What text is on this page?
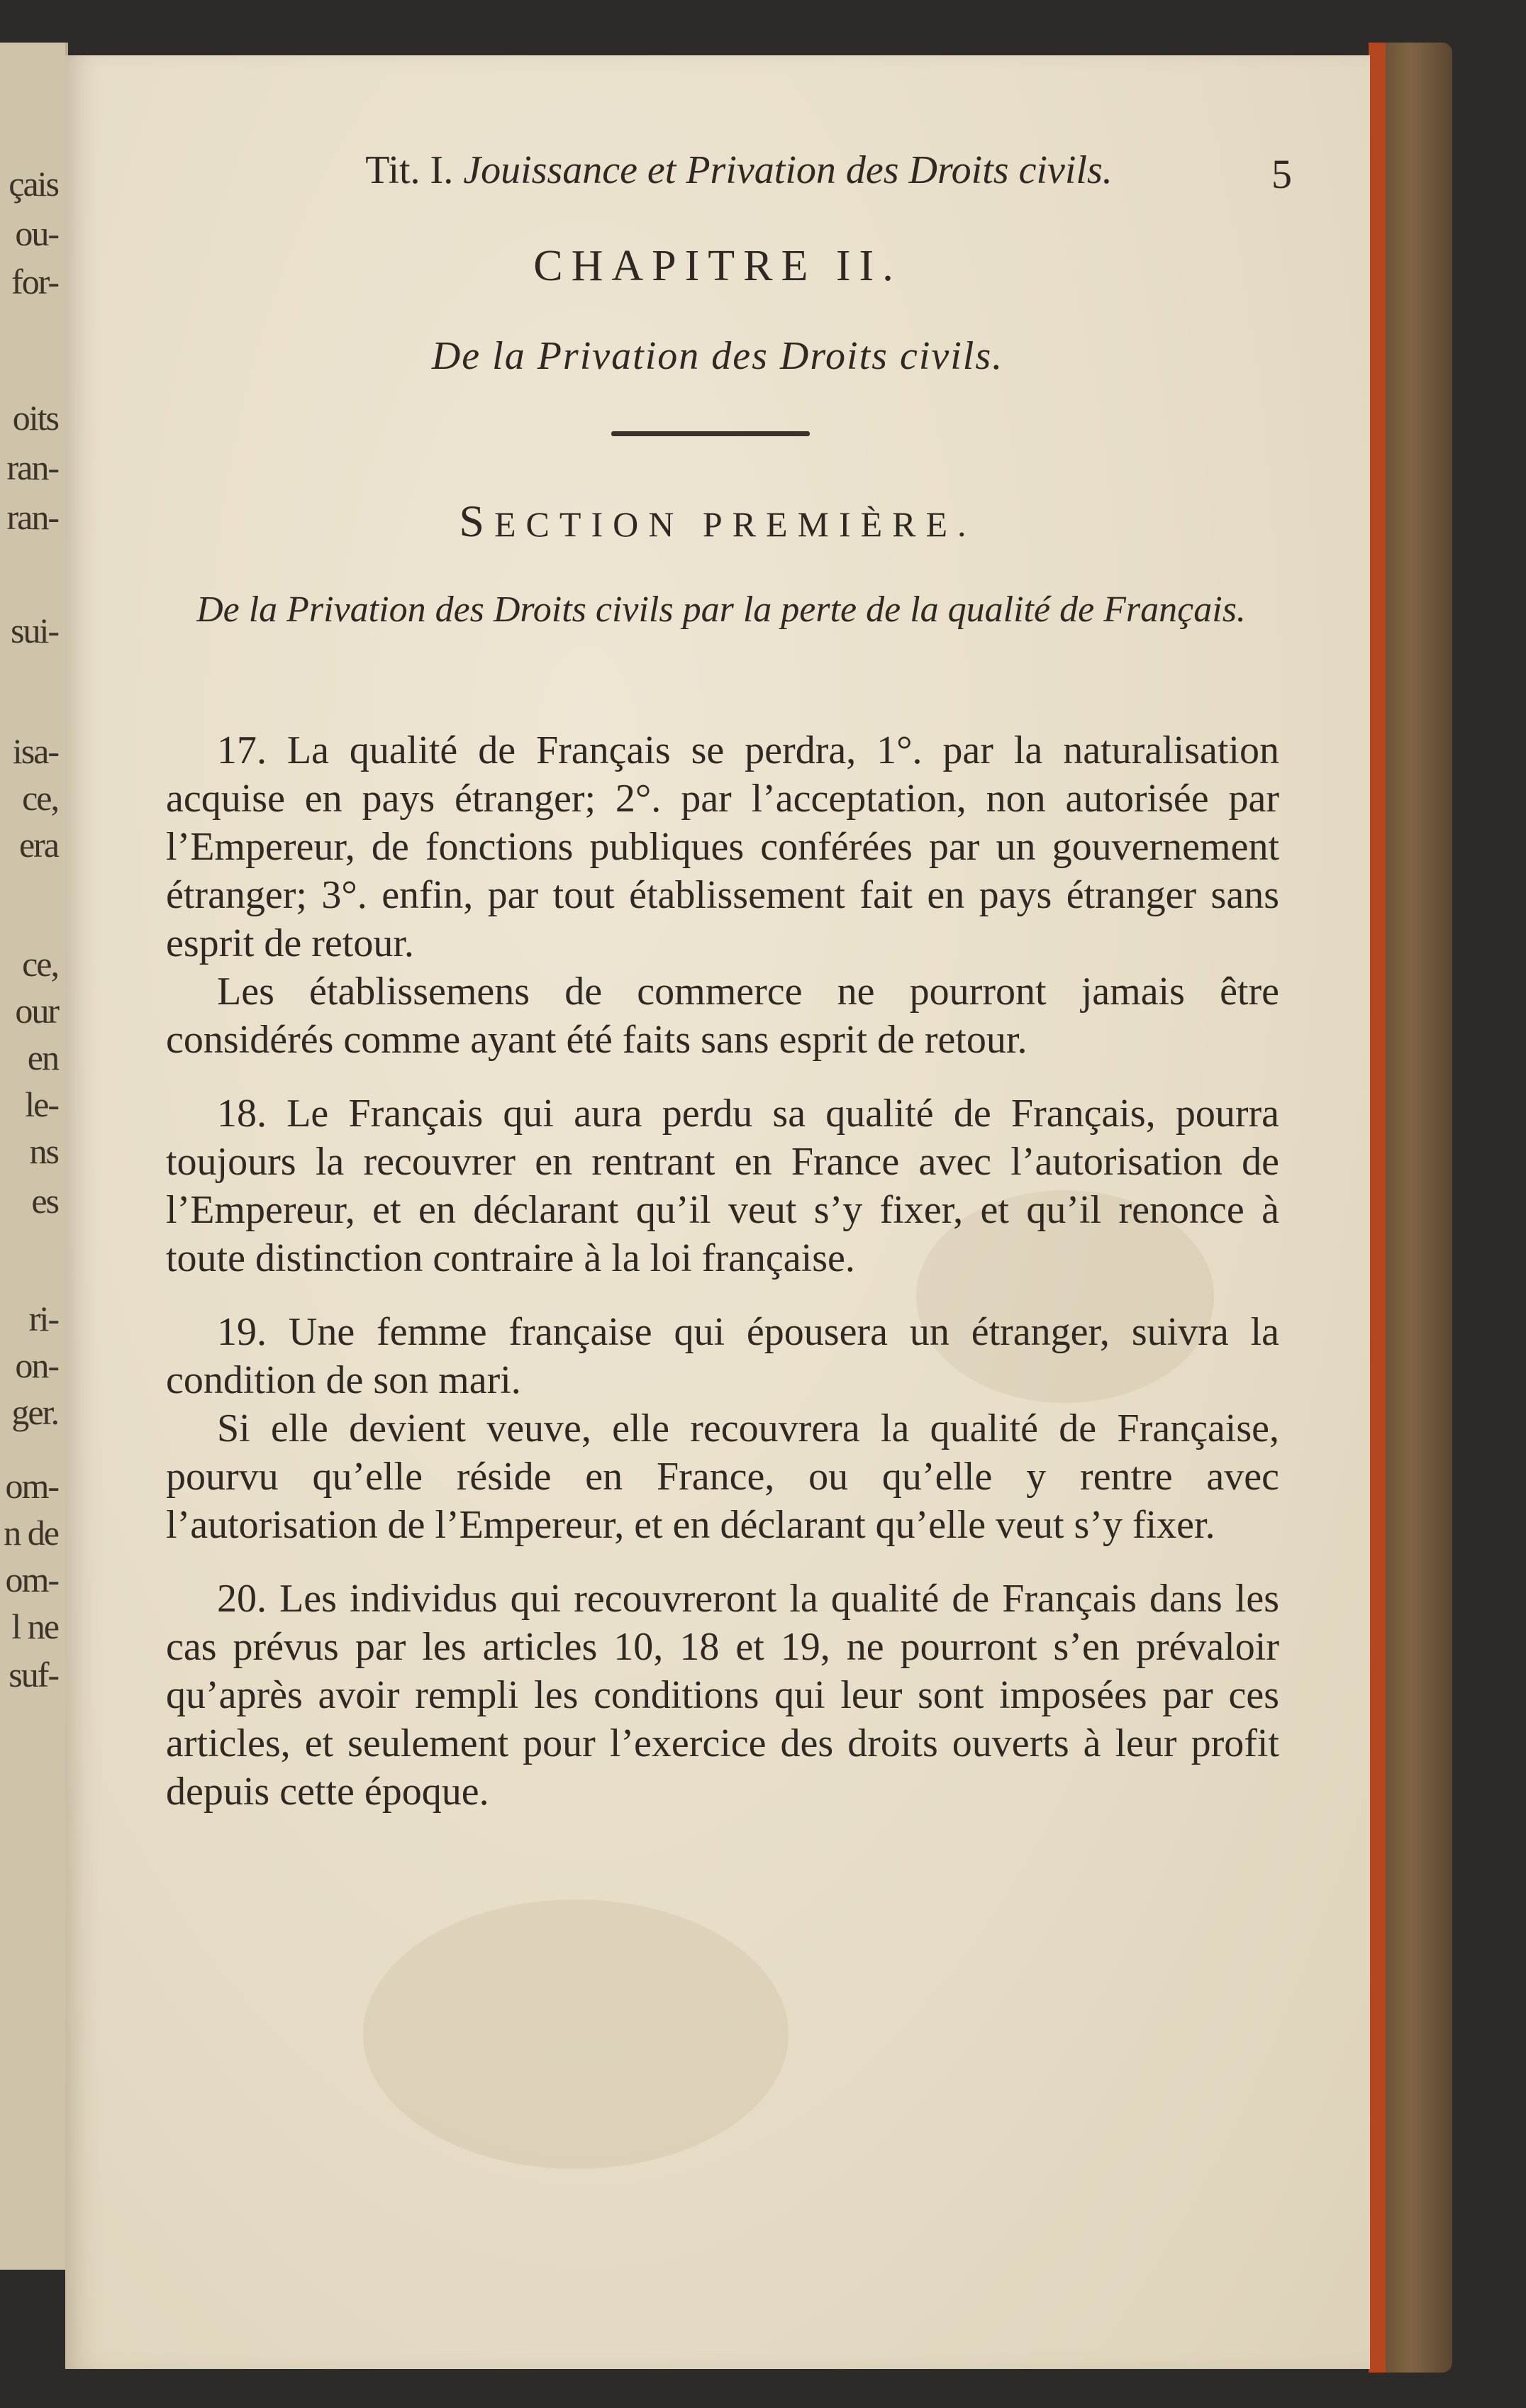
çais
ou-
for-
oits
ran-
ran-
sui-
isa-
ce,
era
ce,
our
en
le-
ns
es
ri-
on-
ger.
om-
n de
om-
l ne
suf-
Tit. I. Jouissance et Privation des Droits civils.	5
CHAPITRE II.
De la Privation des Droits civils.
SECTION PREMIÈRE.
De la Privation des Droits civils par la perte de la qualité de Français.

17. La qualité de Français se perdra, 1°. par la naturalisation acquise en pays étranger; 2°. par l’acceptation, non autorisée par l’Empereur, de fonctions publiques conférées par un gouvernement étranger; 3°. enfin, par tout établissement fait en pays étranger sans esprit de retour.

Les établissemens de commerce ne pourront jamais être considérés comme ayant été faits sans esprit de retour.

18. Le Français qui aura perdu sa qualité de Français, pourra toujours la recouvrer en rentrant en France avec l’autorisation de l’Empereur, et en déclarant qu’il veut s’y fixer, et qu’il renonce à toute distinction contraire à la loi française.

19. Une femme française qui épousera un étranger, suivra la condition de son mari.

Si elle devient veuve, elle recouvrera la qualité de Française, pourvu qu’elle réside en France, ou qu’elle y rentre avec l’autorisation de l’Empereur, et en déclarant qu’elle veut s’y fixer.

20. Les individus qui recouvreront la qualité de Français dans les cas prévus par les articles 10, 18 et 19, ne pourront s’en prévaloir qu’après avoir rempli les conditions qui leur sont imposées par ces articles, et seulement pour l’exercice des droits ouverts à leur profit depuis cette époque.
